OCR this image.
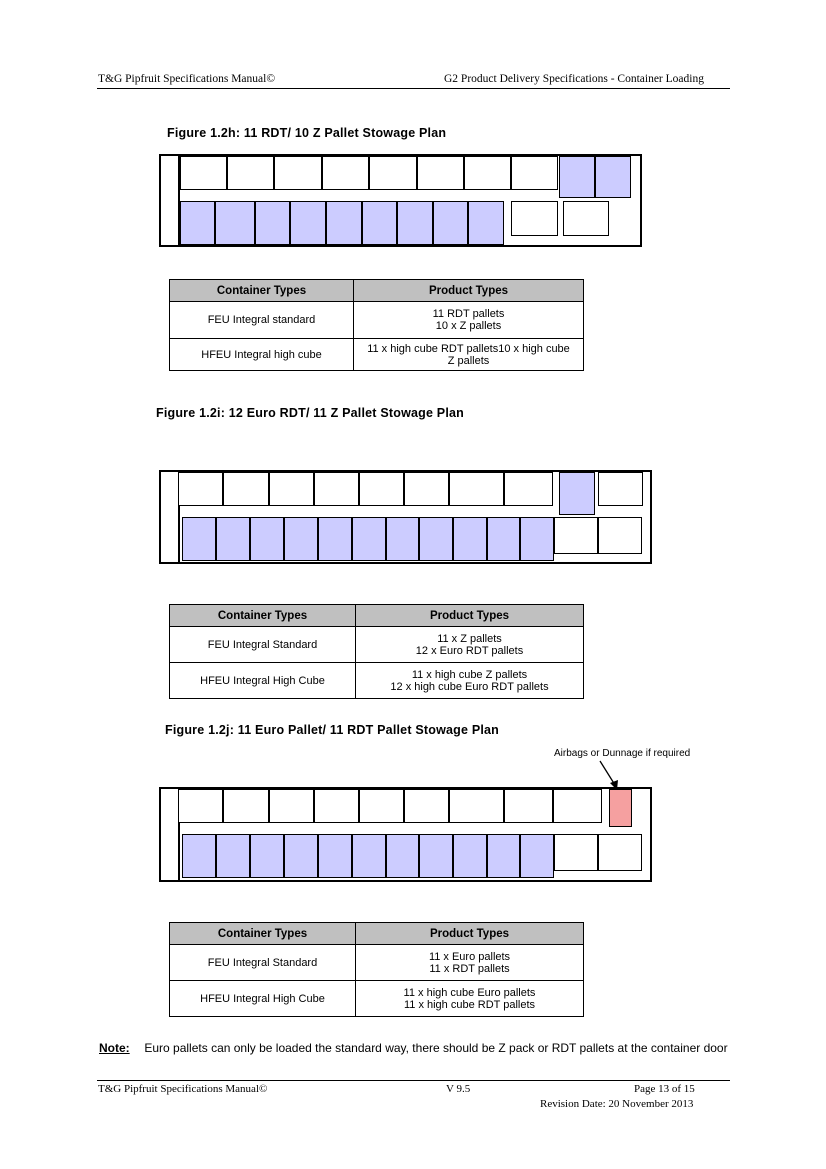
T&G Pipfruit Specifications Manual©	G2 Product Delivery Specifications - Container Loading
Figure 1.2h: 11 RDT/ 10 Z Pallet Stowage Plan
Container Types	Product Types
FEU Integral standard	11 RDT pallets
10 x Z pallets

HFEU Integral high cube	11 x high cube RDT pallets10 x high cube
Z pallets
Figure 1.2i: 12 Euro RDT/ 11 Z Pallet Stowage Plan
Container Types	Product Types
FEU Integral Standard	11 x Z pallets
12 x Euro RDT pallets

HFEU Integral High Cube	11 x high cube Z pallets
12 x high cube Euro RDT pallets
Figure 1.2j: 11 Euro Pallet/ 11 RDT Pallet Stowage Plan
Airbags or Dunnage if required
Container Types	Product Types
FEU Integral Standard	11 x Euro pallets
11 x RDT pallets

HFEU Integral High Cube	11 x high cube Euro pallets
11 x high cube RDT pallets
Note: Euro pallets can only be loaded the standard way, there should be Z pack or RDT pallets at the container door
T&G Pipfruit Specifications Manual©	V 9.5	Page 13 of 15
Revision Date: 20 November 2013
